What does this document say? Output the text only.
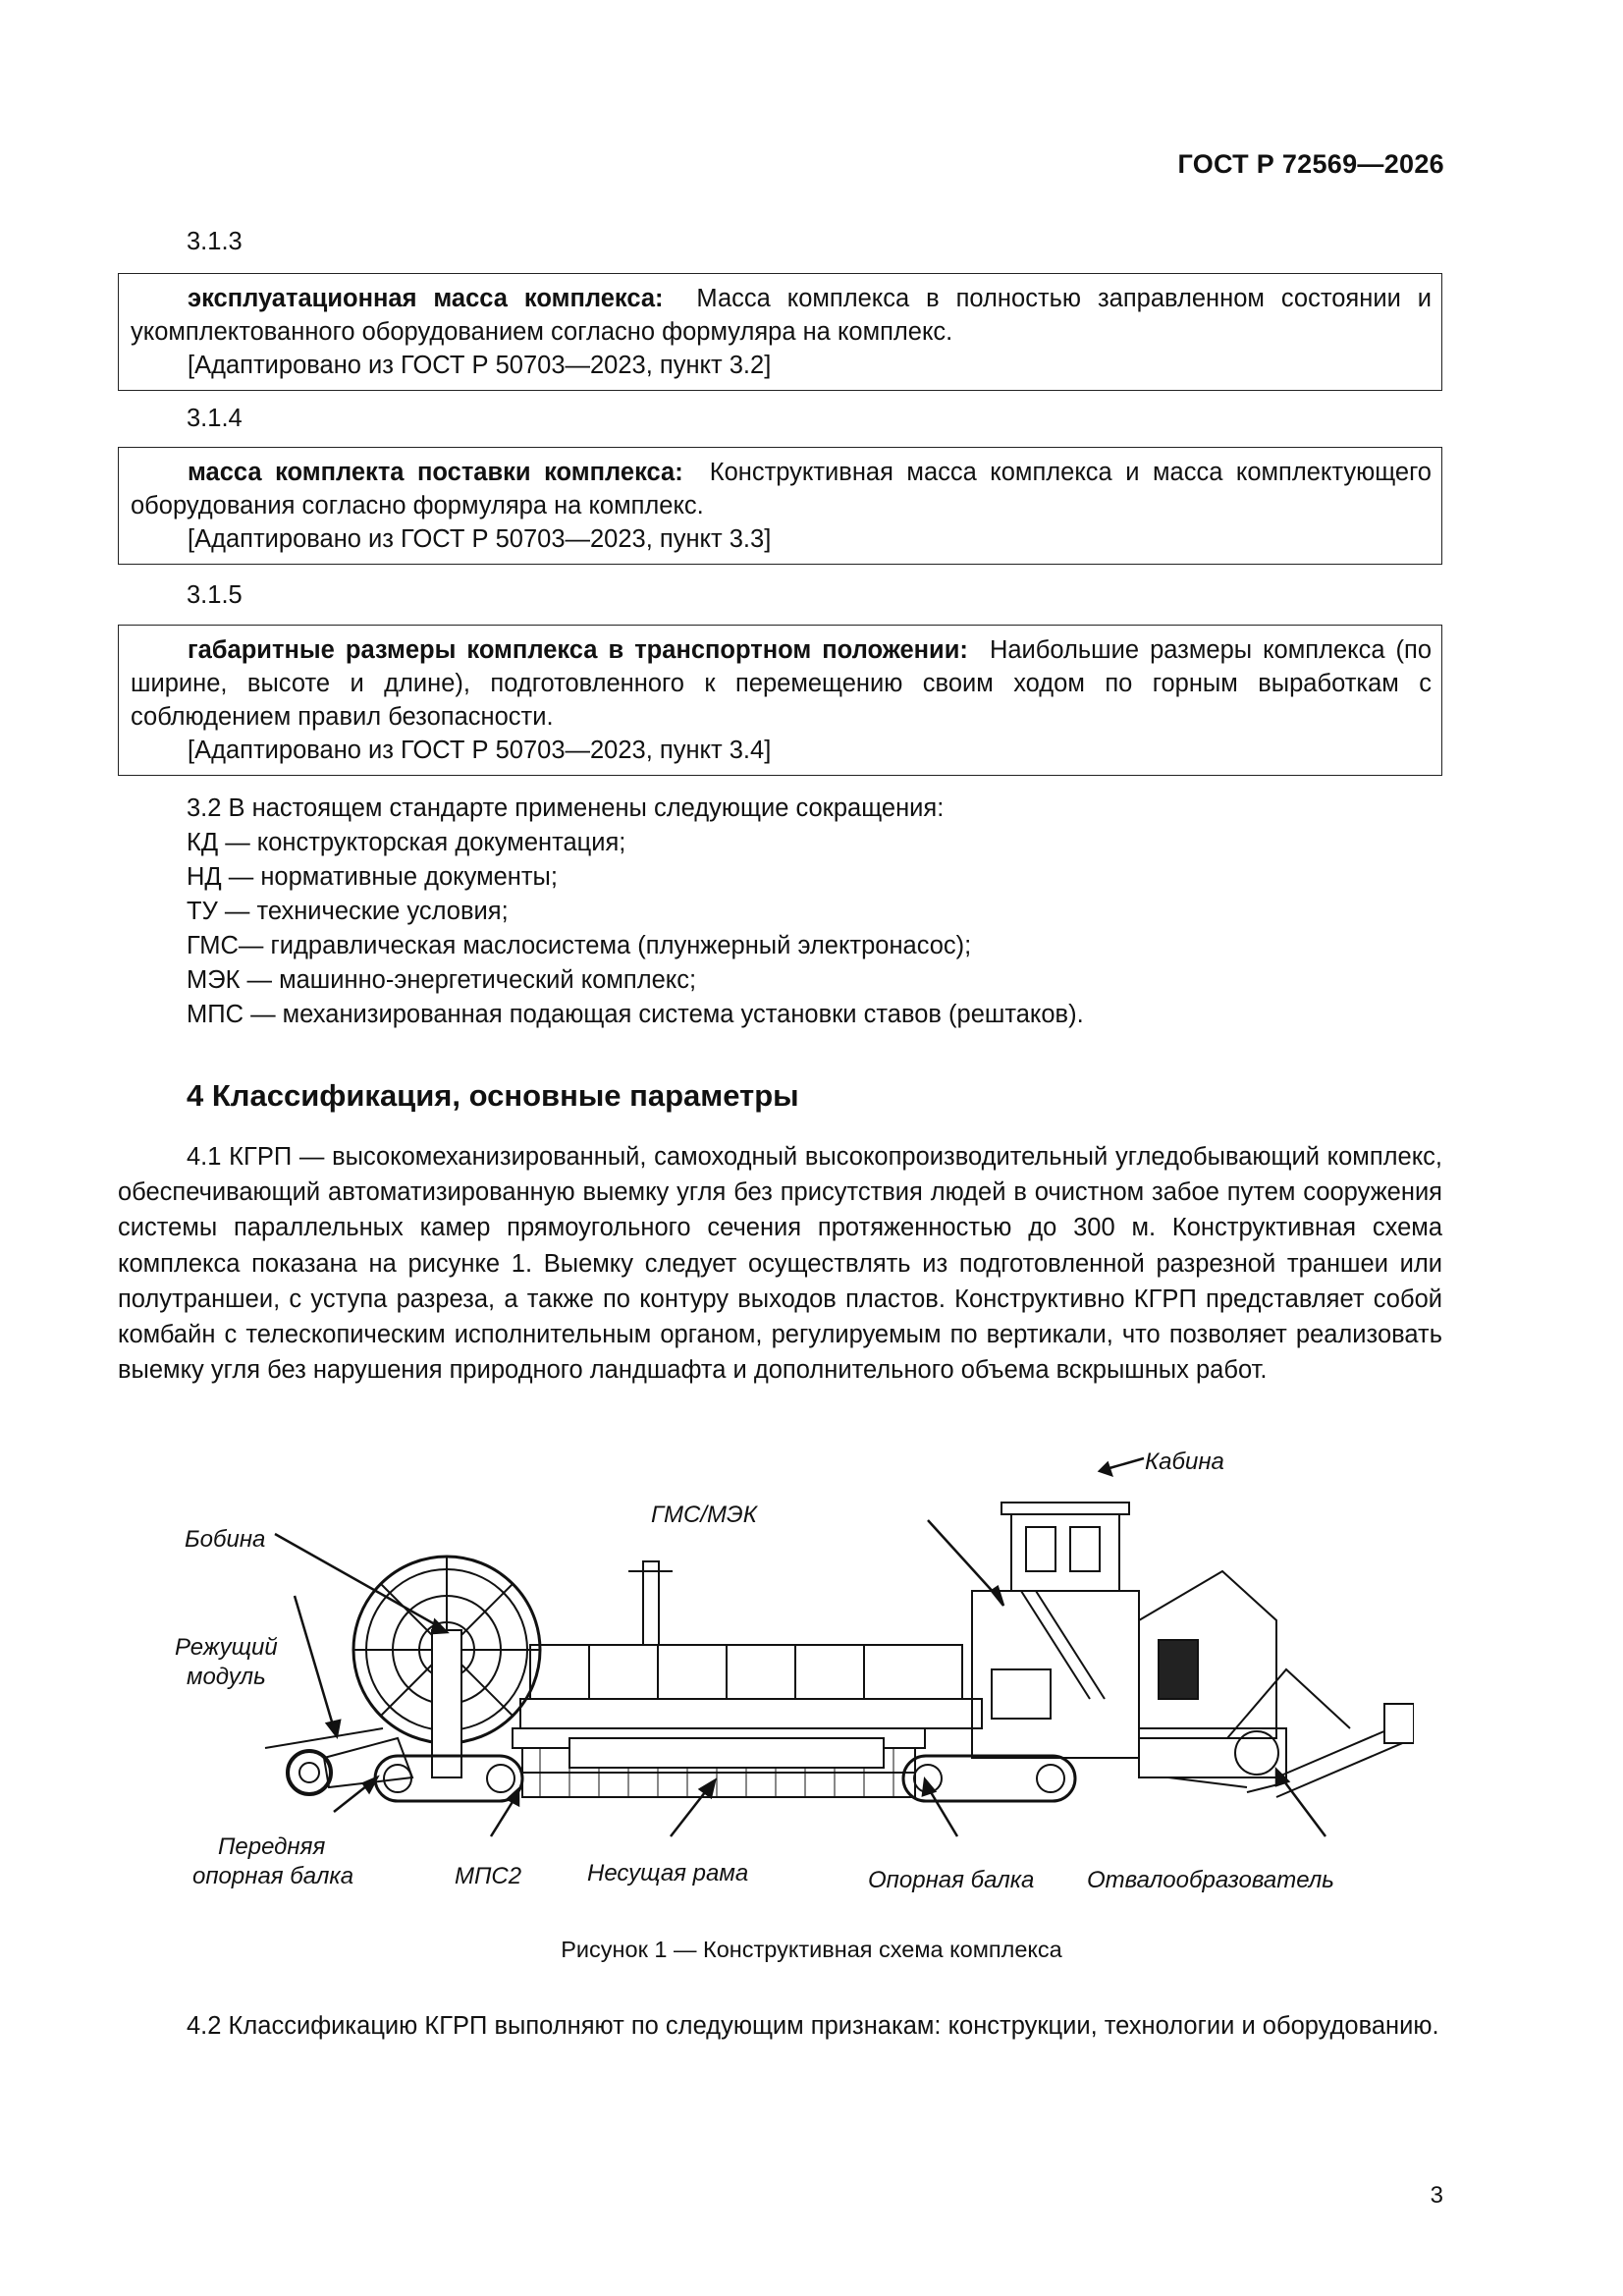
ГОСТ Р 72569—2026
3.1.3

эксплуатационная масса комплекса: Масса комплекса в полностью заправленном состоянии и укомплектованного оборудованием согласно формуляра на комплекс.

[Адаптировано из ГОСТ Р 50703—2023, пункт 3.2]

3.1.4

масса комплекта поставки комплекса: Конструктивная масса комплекса и масса комплектующего оборудования согласно формуляра на комплекс.

[Адаптировано из ГОСТ Р 50703—2023, пункт 3.3]

3.1.5

габаритные размеры комплекса в транспортном положении: Наибольшие размеры комплекса (по ширине, высоте и длине), подготовленного к перемещению своим ходом по горным выработкам с соблюдением правил безопасности.

[Адаптировано из ГОСТ Р 50703—2023, пункт 3.4]

3.2 В настоящем стандарте применены следующие сокращения:
КД — конструкторская документация;
НД — нормативные документы;
ТУ — технические условия;
ГМС— гидравлическая маслосистема (плунжерный электронасос);
МЭК — машинно-энергетический комплекс;
МПС — механизированная подающая система установки ставов (рештаков).
4 Классификация, основные параметры
4.1 КГРП — высокомеханизированный, самоходный высокопроизводительный угледобывающий комплекс, обеспечивающий автоматизированную выемку угля без присутствия людей в очистном забое путем сооружения системы параллельных камер прямоугольного сечения протяженностью до 300 м. Конструктивная схема комплекса показана на рисунке 1. Выемку следует осуществлять из подготовленной разрезной траншеи или полутраншеи, с уступа разреза, а также по контуру выходов пластов. Конструктивно КГРП представляет собой комбайн с телескопическим исполнительным органом, регулируемым по вертикали, что позволяет реализовать выемку угля без нарушения природного ландшафта и дополнительного объема вскрышных работ.
Кабина
ГМС/МЭК
Бобина
Режущий
модуль
Передняя
опорная балка	МПС2	Несущая рама	Опорная балка Отвалообразователь
Рисунок 1 — Конструктивная схема комплекса
4.2 Классификацию КГРП выполняют по следующим признакам: конструкции, технологии и оборудованию.
3
